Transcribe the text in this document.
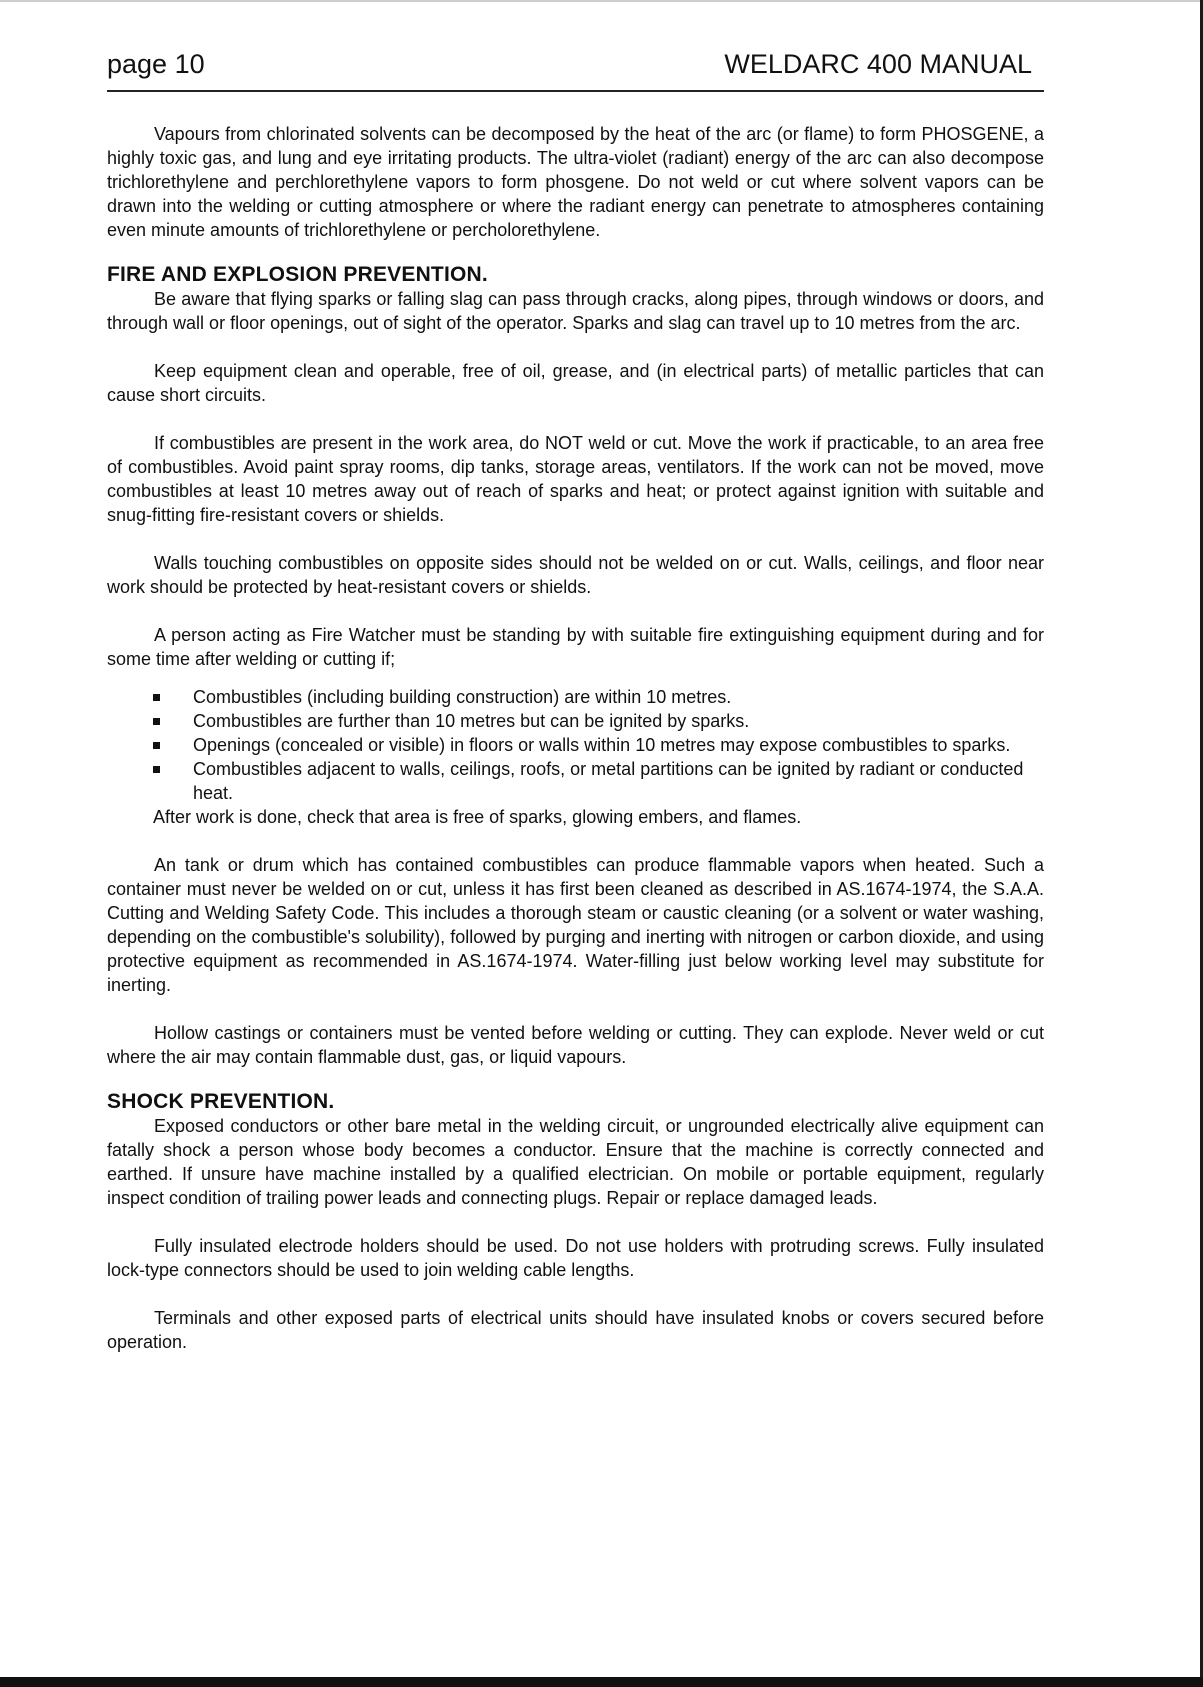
page 10	WELDARC 400 MANUAL

Vapours from chlorinated solvents can be decomposed by the heat of the arc (or flame) to form PHOSGENE, a highly toxic gas, and lung and eye irritating products. The ultra-violet (radiant) energy of the arc can also decompose trichlorethylene and perchlorethylene vapors to form phosgene. Do not weld or cut where solvent vapors can be drawn into the welding or cutting atmosphere or where the radiant energy can penetrate to atmospheres containing even minute amounts of trichlorethylene or percholorethylene.

FIRE AND EXPLOSION PREVENTION.

Be aware that flying sparks or falling slag can pass through cracks, along pipes, through windows or doors, and through wall or floor openings, out of sight of the operator. Sparks and slag can travel up to 10 metres from the arc.

Keep equipment clean and operable, free of oil, grease, and (in electrical parts) of metallic particles that can cause short circuits.

If combustibles are present in the work area, do NOT weld or cut. Move the work if practicable, to an area free of combustibles. Avoid paint spray rooms, dip tanks, storage areas, ventilators. If the work can not be moved, move combustibles at least 10 metres away out of reach of sparks and heat; or protect against ignition with suitable and snug-fitting fire-resistant covers or shields.

Walls touching combustibles on opposite sides should not be welded on or cut. Walls, ceilings, and floor near work should be protected by heat-resistant covers or shields.

A person acting as Fire Watcher must be standing by with suitable fire extinguishing equipment during and for some time after welding or cutting if;

Combustibles (including building construction) are within 10 metres.
Combustibles are further than 10 metres but can be ignited by sparks.
Openings (concealed or visible) in floors or walls within 10 metres may expose combustibles to sparks.
Combustibles adjacent to walls, ceilings, roofs, or metal partitions can be ignited by radiant or conducted heat.

After work is done, check that area is free of sparks, glowing embers, and flames.

An tank or drum which has contained combustibles can produce flammable vapors when heated. Such a container must never be welded on or cut, unless it has first been cleaned as described in AS.1674-1974, the S.A.A. Cutting and Welding Safety Code. This includes a thorough steam or caustic cleaning (or a solvent or water washing, depending on the combustible's solubility), followed by purging and inerting with nitrogen or carbon dioxide, and using protective equipment as recommended in AS.1674-1974. Water-filling just below working level may substitute for inerting.

Hollow castings or containers must be vented before welding or cutting. They can explode. Never weld or cut where the air may contain flammable dust, gas, or liquid vapours.

SHOCK PREVENTION.

Exposed conductors or other bare metal in the welding circuit, or ungrounded electrically alive equipment can fatally shock a person whose body becomes a conductor. Ensure that the machine is correctly connected and earthed. If unsure have machine installed by a qualified electrician. On mobile or portable equipment, regularly inspect condition of trailing power leads and connecting plugs. Repair or replace damaged leads.

Fully insulated electrode holders should be used. Do not use holders with protruding screws. Fully insulated lock-type connectors should be used to join welding cable lengths.

Terminals and other exposed parts of electrical units should have insulated knobs or covers secured before operation.
